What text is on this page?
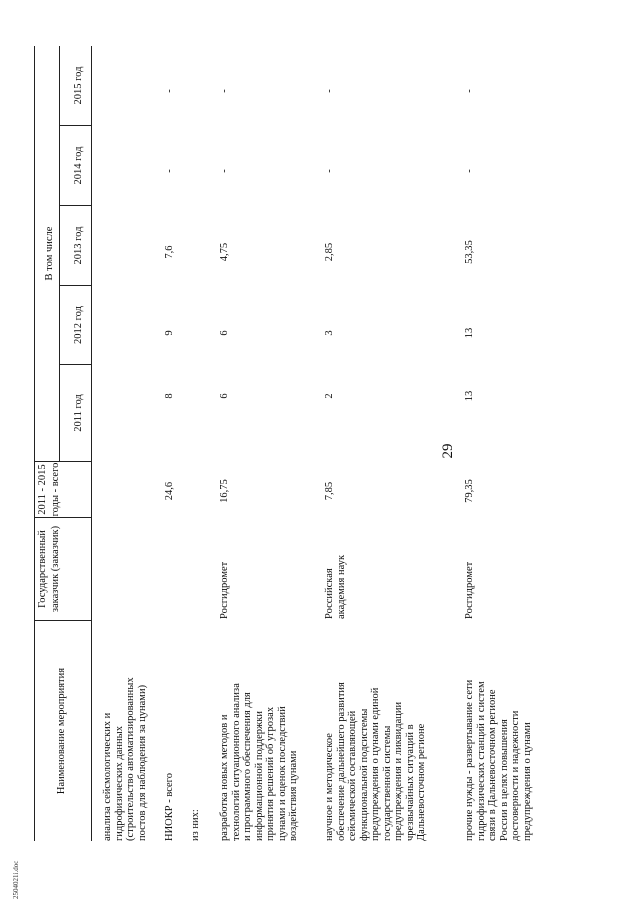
29
2504021i.doc
Наименование мероприятия
Государственный заказчик (заказчик)
2011 - 2015 годы - всего
В том числе
2011 год
2012 год
2013 год
2014 год
2015 год
анализа сейсмологических и гидрофизических данных (строительство автоматизированных постов для наблюдения за цунами) НИОКР - всего
24,6
8
9
7,6
-
-
из них: разработка новых методов и технологий ситуационного анализа и программного обеспечения для информационной поддержки принятия решений об угрозах цунами и оценок последствий воздействия цунами
Росгидромет
16,75
6
6
4,75
-
-
научное и методическое обеспечение дальнейшего развития сейсмической составляющей функциональной подсистемы предупреждения о цунами единой государственной системы предупреждения и ликвидации чрезвычайных ситуаций в Дальневосточном регионе
Российская академия наук
7,85
2
3
2,85
-
-
прочие нужды - развертывание сети гидрофизических станций и систем связи в Дальневосточном регионе России в целях повышения достоверности и надежности предупреждения о цунами
Росгидромет
79,35
13
13
53,35
-
-
